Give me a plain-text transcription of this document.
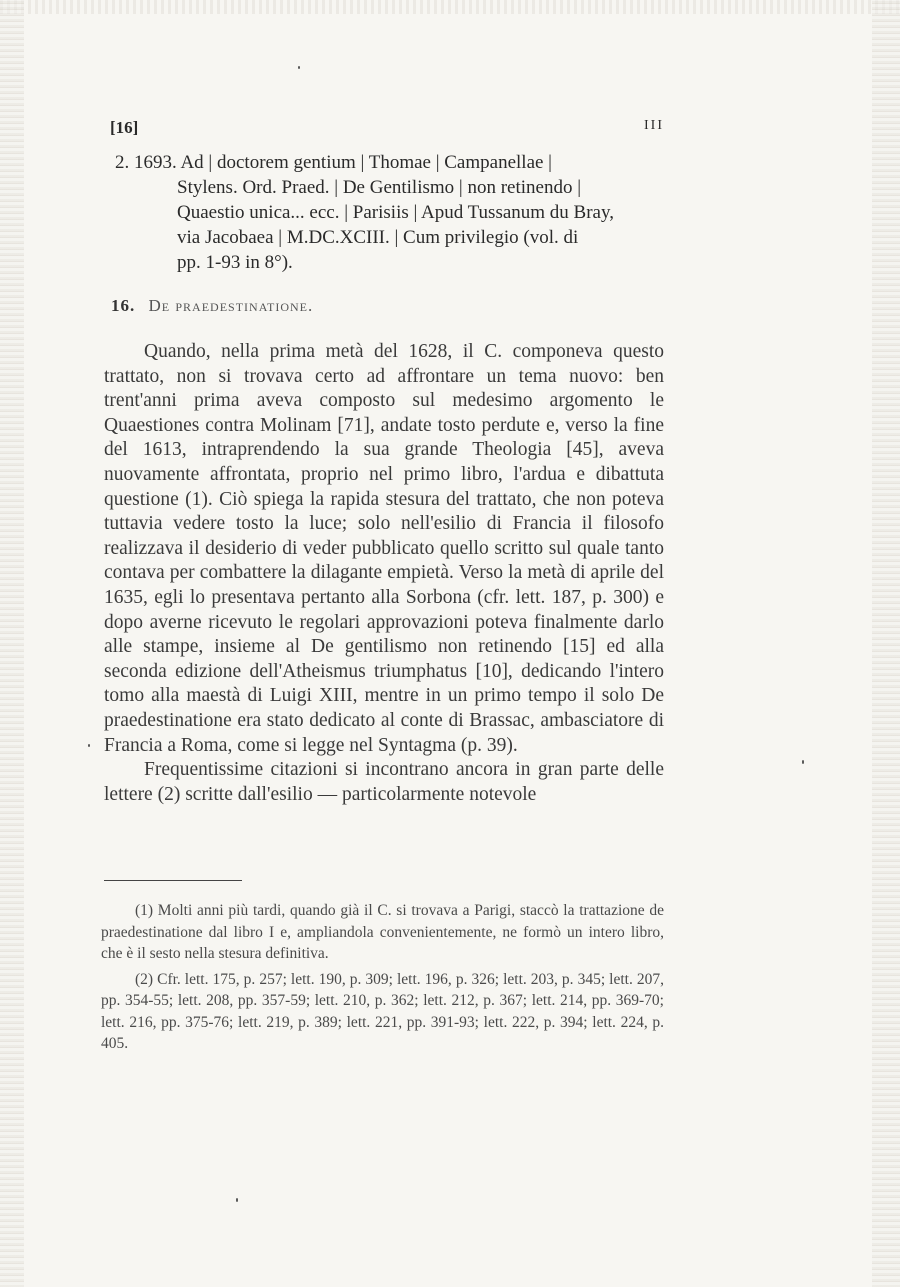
[16]	III
2. 1693. Ad | doctorem gentium | Thomae | Campanellae |
Stylens. Ord. Praed. | De Gentilismo | non retinendo |
Quaestio unica... ecc. | Parisiis | Apud Tussanum du Bray,
via Jacobaea | M.DC.XCIII. | Cum privilegio (vol. di
pp. 1-93 in 8°).
16. De praedestinatione.

Quando, nella prima metà del 1628, il C. componeva questo trattato, non si trovava certo ad affrontare un tema nuovo: ben trent'anni prima aveva composto sul medesimo argomento le Quaestiones contra Molinam [71], andate tosto perdute e, verso la fine del 1613, intraprendendo la sua grande Theologia [45], aveva nuovamente affrontata, proprio nel primo libro, l'ardua e dibattuta questione (1). Ciò spiega la rapida stesura del trattato, che non poteva tuttavia vedere tosto la luce; solo nell'esilio di Francia il filosofo realizzava il desiderio di veder pubblicato quello scritto sul quale tanto contava per combattere la dilagante empietà. Verso la metà di aprile del 1635, egli lo presentava pertanto alla Sorbona (cfr. lett. 187, p. 300) e dopo averne ricevuto le regolari approvazioni poteva finalmente darlo alle stampe, insieme al De gentilismo non retinendo [15] ed alla seconda edizione dell'Atheismus triumphatus [10], dedicando l'intero tomo alla maestà di Luigi XIII, mentre in un primo tempo il solo De praedestinatione era stato dedicato al conte di Brassac, ambasciatore di Francia a Roma, come si legge nel Syntagma (p. 39).

Frequentissime citazioni si incontrano ancora in gran parte delle lettere (2) scritte dall'esilio — particolarmente notevole

(1) Molti anni più tardi, quando già il C. si trovava a Parigi, staccò la trattazione de praedestinatione dal libro I e, ampliandola convenientemente, ne formò un intero libro, che è il sesto nella stesura definitiva.

(2) Cfr. lett. 175, p. 257; lett. 190, p. 309; lett. 196, p. 326; lett. 203, p. 345; lett. 207, pp. 354-55; lett. 208, pp. 357-59; lett. 210, p. 362; lett. 212, p. 367; lett. 214, pp. 369-70; lett. 216, pp. 375-76; lett. 219, p. 389; lett. 221, pp. 391-93; lett. 222, p. 394; lett. 224, p. 405.
